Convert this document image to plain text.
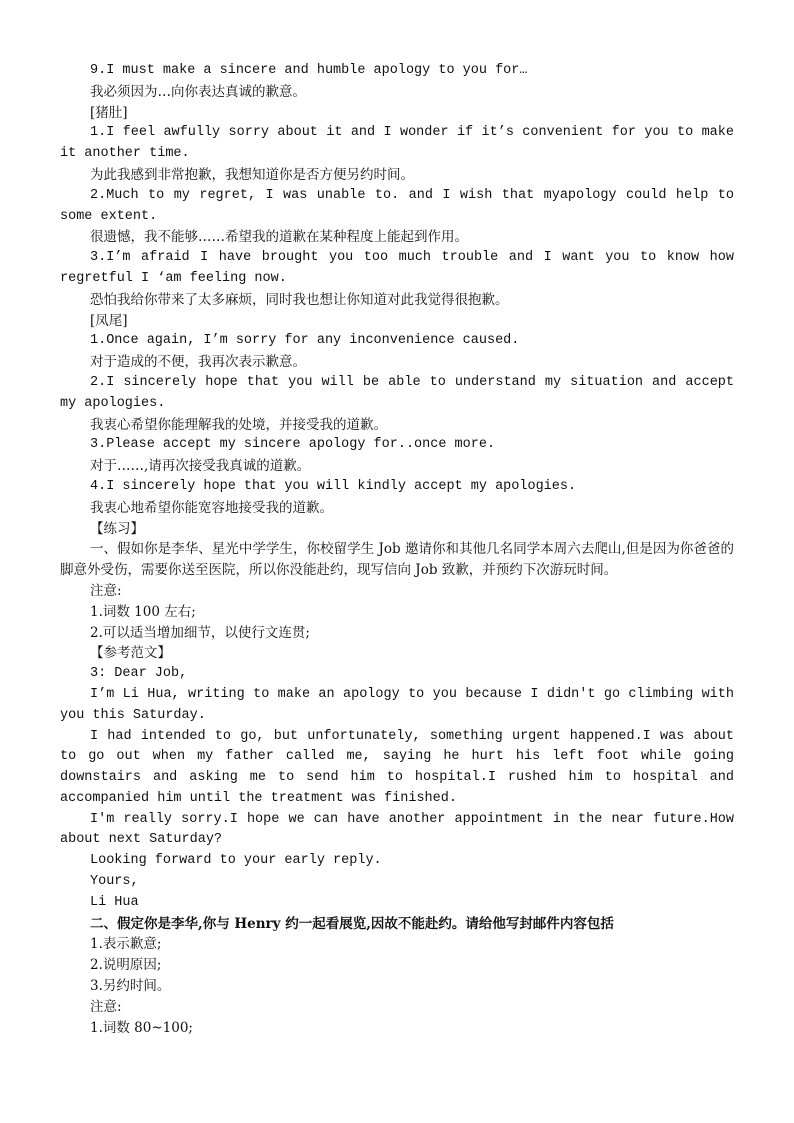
9.I must make a sincere and humble apology to you for…

我必须因为…向你表达真诚的歉意。

[猪肚]

1.I feel awfully sorry about it and I wonder if it’s convenient for you to make it another time.

为此我感到非常抱歉，我想知道你是否方便另约时间。

2.Much to my regret, I was unable to. and I wish that myapology could help to some extent.

很遗憾，我不能够……希望我的道歉在某种程度上能起到作用。

3.I’m afraid I have brought you too much trouble and I want you to know how regretful I ‘am feeling now.

恐怕我给你带来了太多麻烦，同时我也想让你知道对此我觉得很抱歉。

[凤尾]

1.Once again, I’m sorry for any inconvenience caused.

对于造成的不便，我再次表示歉意。

2.I sincerely hope that you will be able to understand my situation and accept my apologies.

我衷心希望你能理解我的处境，并接受我的道歉。

3.Please accept my sincere apology for..once more.

对于……,请再次接受我真诚的道歉。

4.I sincerely hope that you will kindly accept my apologies.

我衷心地希望你能宽容地接受我的道歉。

【练习】

一、假如你是李华、星光中学学生，你校留学生 Job 邀请你和其他几名同学本周六去爬山,但是因为你爸爸的脚意外受伤，需要你送至医院，所以你没能赴约，现写信向 Job 致歉，并预约下次游玩时间。

注意:

1.词数 100 左右;

2.可以适当增加细节，以使行文连贯;

【参考范文】

3: Dear Job,

I’m Li Hua, writing to make an apology to you because I didn't go climbing with you this Saturday.

I had intended to go, but unfortunately, something urgent happened.I was about to go out when my father called me, saying he hurt his left foot while going downstairs and asking me to send him to hospital.I rushed him to hospital and accompanied him until the treatment was finished.

I'm really sorry.I hope we can have another appointment in the near future.How about next Saturday?

Looking forward to your early reply.

Yours,

Li Hua

二、假定你是李华,你与 Henry 约一起看展览,因故不能赴约。请给他写封邮件内容包括

1.表示歉意;

2.说明原因;

3.另约时间。

注意:

1.词数 80~100;
